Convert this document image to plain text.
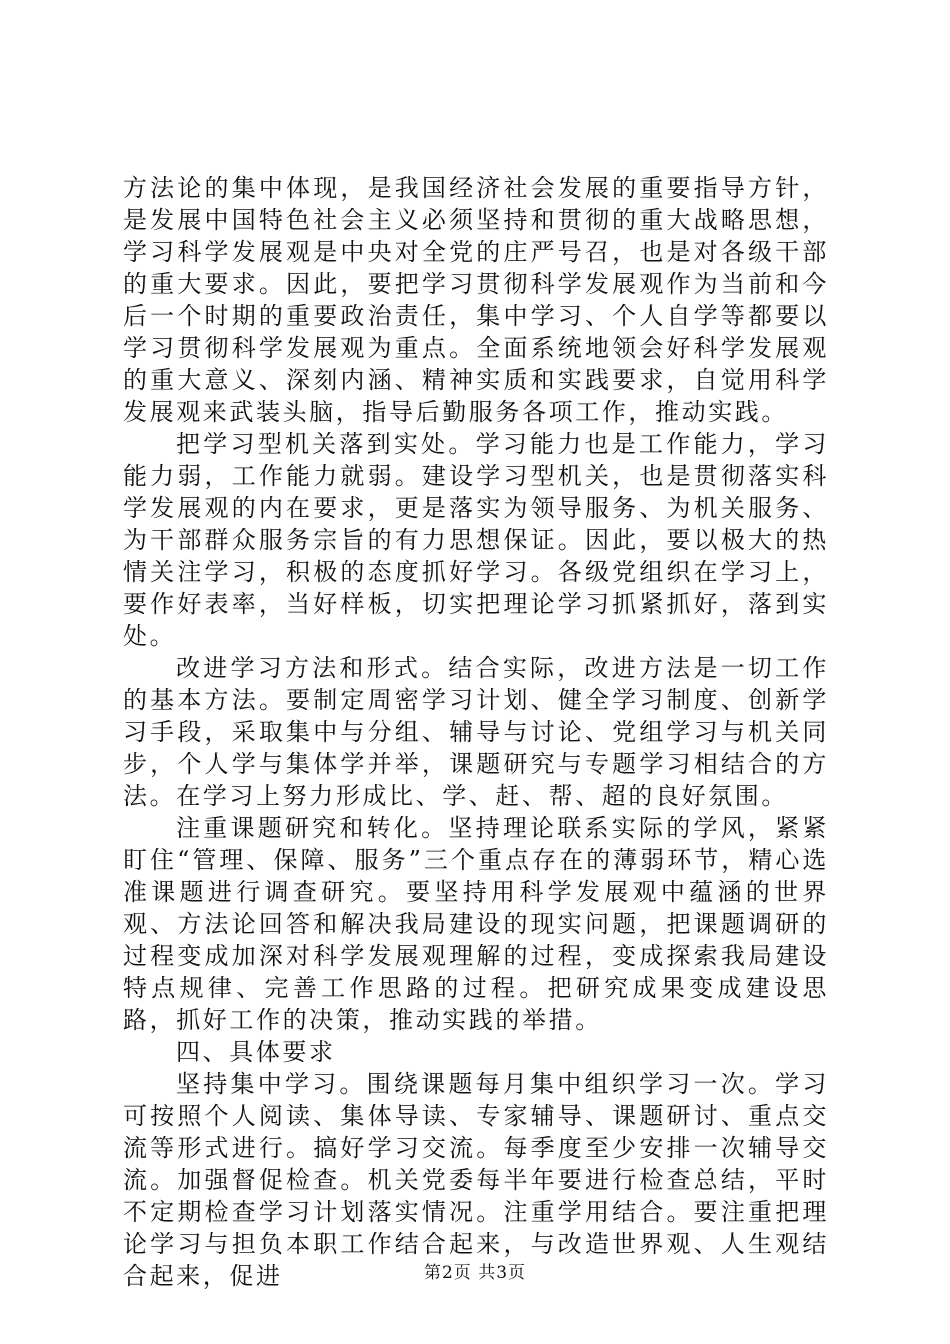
方法论的集中体现，是我国经济社会发展的重要指导方针，是发展中国特色社会主义必须坚持和贯彻的重大战略思想，学习科学发展观是中央对全党的庄严号召，也是对各级干部的重大要求。因此，要把学习贯彻科学发展观作为当前和今后一个时期的重要政治责任，集中学习、个人自学等都要以学习贯彻科学发展观为重点。全面系统地领会好科学发展观的重大意义、深刻内涵、精神实质和实践要求，自觉用科学发展观来武装头脑，指导后勤服务各项工作，推动实践。

把学习型机关落到实处。学习能力也是工作能力，学习能力弱，工作能力就弱。建设学习型机关，也是贯彻落实科学发展观的内在要求，更是落实为领导服务、为机关服务、为干部群众服务宗旨的有力思想保证。因此，要以极大的热情关注学习，积极的态度抓好学习。各级党组织在学习上，要作好表率，当好样板，切实把理论学习抓紧抓好，落到实处。

改进学习方法和形式。结合实际，改进方法是一切工作的基本方法。要制定周密学习计划、健全学习制度、创新学习手段，采取集中与分组、辅导与讨论、党组学习与机关同步，个人学与集体学并举，课题研究与专题学习相结合的方法。在学习上努力形成比、学、赶、帮、超的良好氛围。

注重课题研究和转化。坚持理论联系实际的学风，紧紧盯住“管理、保障、服务”三个重点存在的薄弱环节，精心选准课题进行调查研究。要坚持用科学发展观中蕴涵的世界观、方法论回答和解决我局建设的现实问题，把课题调研的过程变成加深对科学发展观理解的过程，变成探索我局建设特点规律、完善工作思路的过程。把研究成果变成建设思路，抓好工作的决策，推动实践的举措。

四、具体要求

坚持集中学习。围绕课题每月集中组织学习一次。学习可按照个人阅读、集体导读、专家辅导、课题研讨、重点交流等形式进行。搞好学习交流。每季度至少安排一次辅导交流。加强督促检查。机关党委每半年要进行检查总结，平时不定期检查学习计划落实情况。注重学用结合。要注重把理论学习与担负本职工作结合起来，与改造世界观、人生观结合起来，促进	第2页 共3页
